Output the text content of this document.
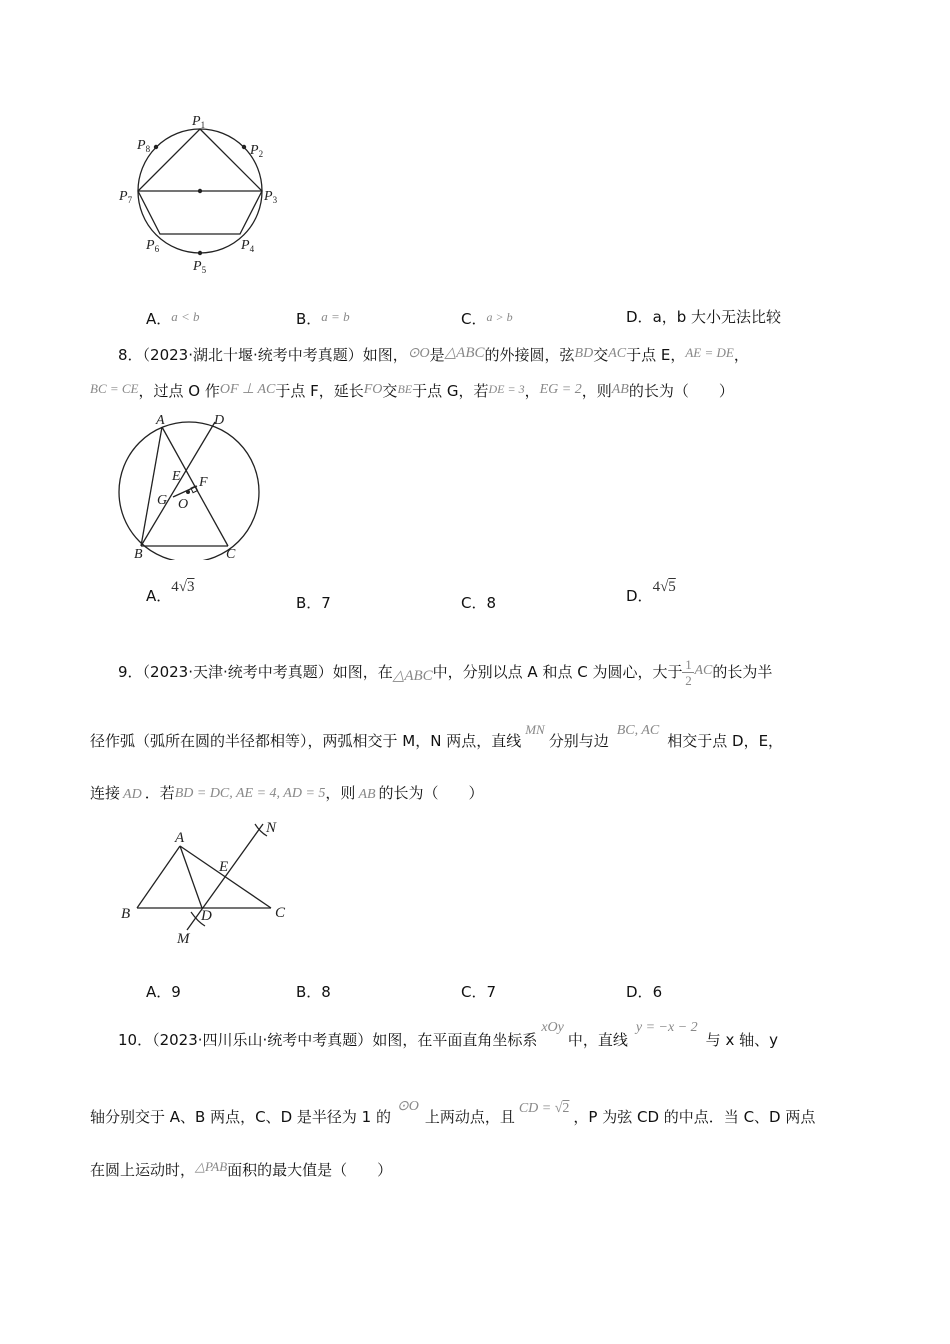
$P_1$
$P_2$
$P_3$
$P_4$
$P_5$
$P_6$
$P_7$
$P_8$
A．a < b	B．a = b	C．$^{a > b}$	D．a，b 大小无法比较
8．（2023·湖北十堰·统考中考真题）如图，⊙O是△ABC的外接圆，弦BD交AC于点 E，AE = DE，
BC = CE，过点 O 作OF ⊥ AC于点 F，延长FO交$^{BE}$于点 G，若$^{DE = 3}$，EG = 2，则AB的长为（　　）
A	D
E F
G O
B	C
A．4√3
B．7	C．8	D．4√5
9．（2023·天津·统考中考真题）如图，在△ABC中，分别以点 A 和点 C 为圆心，大于 $\frac{1}{2}$ AC的长为半
径作弧（弧所在圆的半径都相等），两弧相交于 M，N 两点，直线MN分别与边BC, AC相交于点 D，E，
连接 AD ．若BD = DC, AE = 4, AD = 5，则 AB 的长为（　　）
A
N
E
B	D	C
M
A．9	B．8	C．7	D．6
10．（2023·四川乐山·统考中考真题）如图，在平面直角坐标系xOy中，直线y = −x − 2与 x 轴、y
轴分别交于 A、B 两点，C、D 是半径为 1 的⊙O上两动点，且 CD = √2 ，P 为弦 CD 的中点．当 C、D 两点
在圆上运动时，△PAB面积的最大值是（　　）
